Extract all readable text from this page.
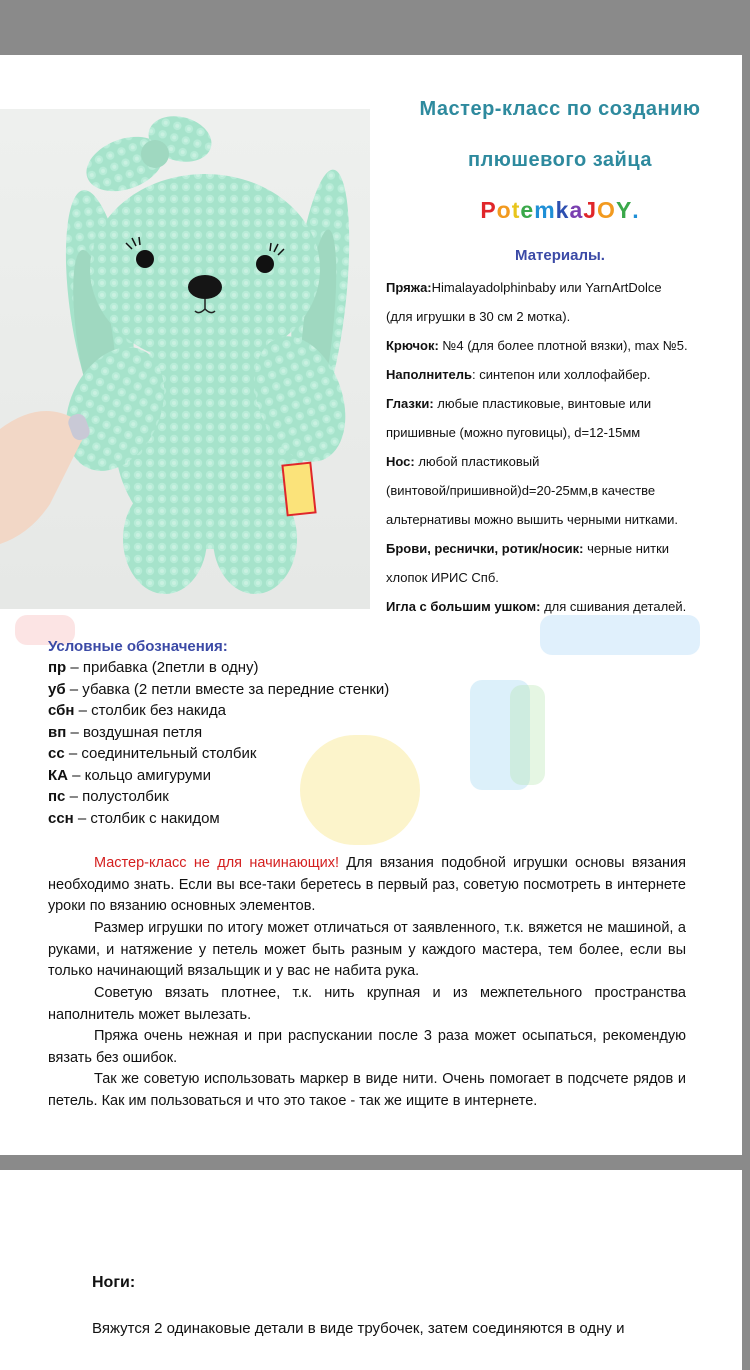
Мастер-класс по созданию
плюшевого зайца
PotemkaJOY.
Материалы.
Пряжа:Himalayadolphinbaby или YarnArtDolce
(для игрушки в 30 см 2 мотка).
Крючок: №4 (для более плотной вязки), max №5.
Наполнитель: синтепон или холлофайбер.
Глазки: любые пластиковые, винтовые или
пришивные (можно пуговицы), d=12-15мм
Нос: любой пластиковый
(винтовой/пришивной)d=20-25мм,в качестве
альтернативы можно вышить черными нитками.
Брови, реснички, ротик/носик: черные нитки
хлопок ИРИС Спб.
Игла с большим ушком: для сшивания деталей.
Условные обозначения:
пр – прибавка (2петли в одну)
уб – убавка (2 петли вместе за передние стенки)
сбн – столбик без накида
вп – воздушная петля
сс – соединительный столбик
КА – кольцо амигуруми
пс – полустолбик
ссн – столбик с накидом
Мастер-класс не для начинающих! Для вязания подобной игрушки основы вязания необходимо знать. Если вы все-таки беретесь в первый раз, советую посмотреть в интернете уроки по вязанию основных элементов.
Размер игрушки по итогу может отличаться от заявленного, т.к. вяжется не машиной, а руками, и натяжение у петель может быть разным у каждого мастера, тем более, если вы только начинающий вязальщик и у вас не набита рука.
Советую вязать плотнее, т.к. нить крупная и из межпетельного пространства наполнитель может вылезать.
Пряжа очень нежная и при распускании после 3 раза может осыпаться, рекомендую вязать без ошибок.
Так же советую использовать маркер в виде нити. Очень помогает в подсчете рядов и петель. Как им пользоваться и что это такое - так же ищите в интернете.
Ноги:
Вяжутся 2 одинаковые детали в виде трубочек, затем соединяются в одну и
